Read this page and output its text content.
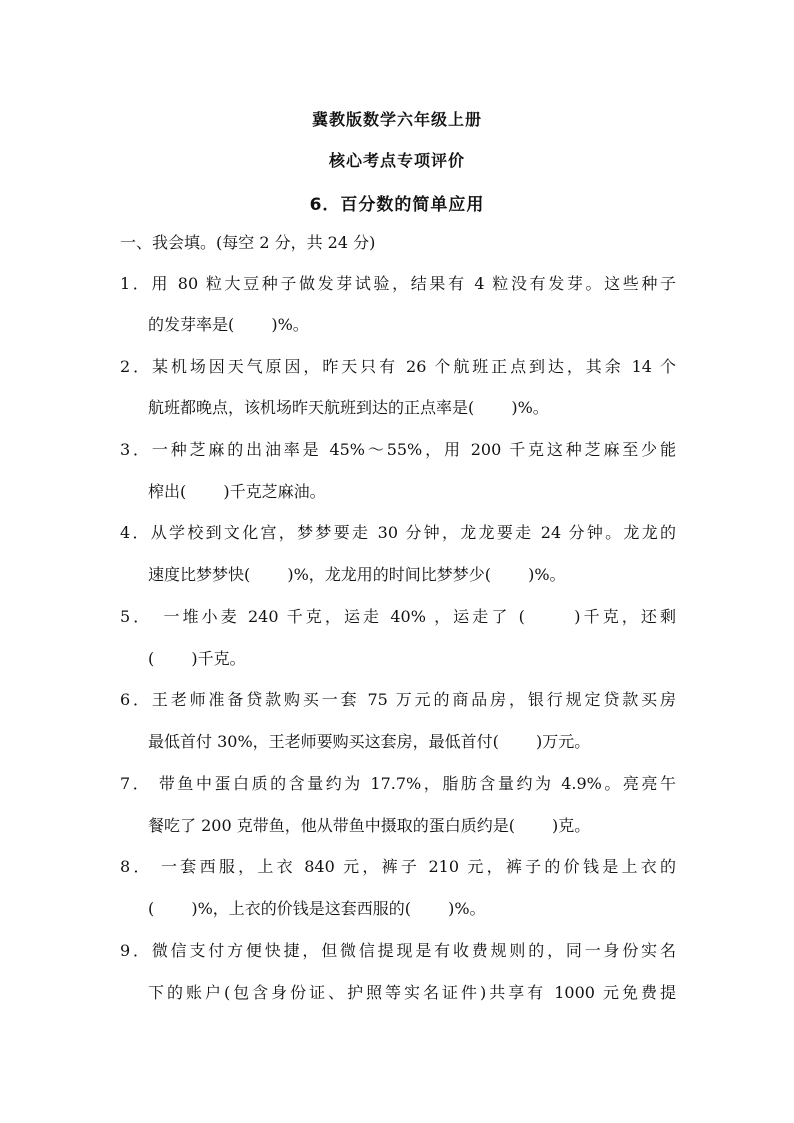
冀教版数学六年级上册
核心考点专项评价
6．百分数的简单应用
一、我会填。(每空 2 分，共 24 分)
1．用 80 粒大豆种子做发芽试验，结果有 4 粒没有发芽。这些种子
的发芽率是(　　 )%。
2．某机场因天气原因，昨天只有 26 个航班正点到达，其余 14 个
航班都晚点，该机场昨天航班到达的正点率是(　　 )%。
3．一种芝麻的出油率是 45%～55%，用 200 千克这种芝麻至少能
榨出(　　 )千克芝麻油。
4．从学校到文化宫，梦梦要走 30 分钟，龙龙要走 24 分钟。龙龙的
速度比梦梦快(　　 )%，龙龙用的时间比梦梦少(　　 )%。
5．　一堆小麦 240 千克，运走 40% ，运走了 (　　 )千克，还剩
(　　 )千克。
6．王老师准备贷款购买一套 75 万元的商品房，银行规定贷款买房
最低首付 30%，王老师要购买这套房，最低首付(　　 )万元。
7． 带鱼中蛋白质的含量约为 17.7%，脂肪含量约为 4.9%。亮亮午
餐吃了 200 克带鱼，他从带鱼中摄取的蛋白质约是(　　 )克。
8． 一套西服，上衣 840 元，裤子 210 元，裤子的价钱是上衣的
(　　 )%，上衣的价钱是这套西服的(　　 )%。
9．微信支付方便快捷，但微信提现是有收费规则的，同一身份实名
下的账户(包含身份证、护照等实名证件)共享有 1000 元免费提
